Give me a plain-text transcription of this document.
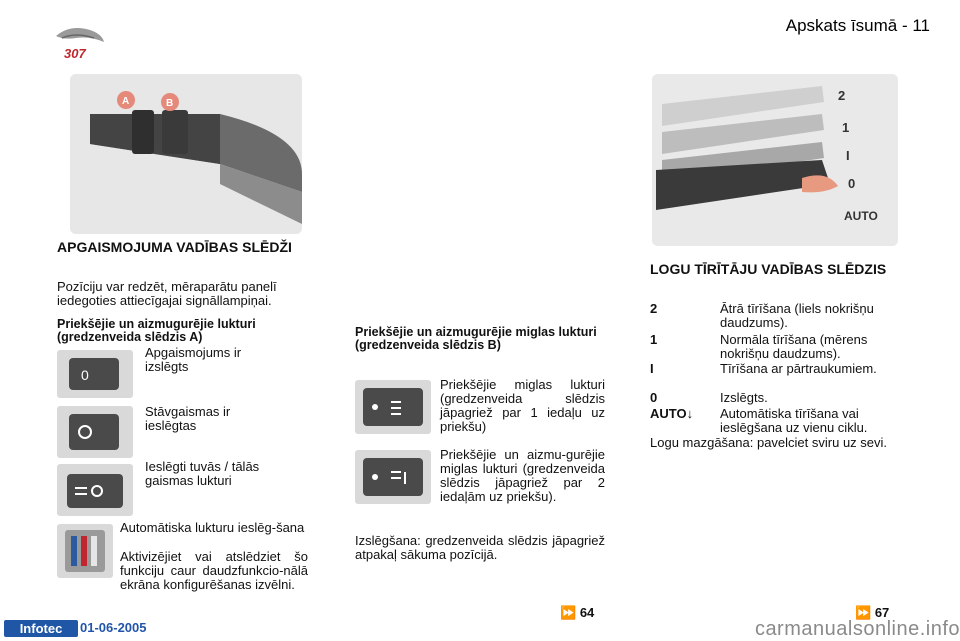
307
Apskats īsumā - 11
A	B
APGAISMOJUMA VADĪBAS SLĒDŽI
Pozīciju var redzēt, mēraparātu panelī iedegoties attiecīgajai signāllampiņai.
Priekšējie un aizmugurējie lukturi (gredzenveida slēdzis A)
0
Apgaismojums ir izslēgts
Stāvgaismas ir ieslēgtas
Ieslēgti tuvās / tālās gaismas lukturi
Automātiska lukturu ieslēg-šana
Aktivizējiet vai atslēdziet šo funkciju caur daudzfunkcio-nālā ekrāna konfigurēšanas izvēlni.
Priekšējie un aizmugurējie miglas lukturi (gredzenveida slēdzis B)
Priekšējie miglas lukturi (gredzenveida slēdzis jāpagriež par 1 iedaļu uz priekšu)
Priekšējie un aizmu-gurējie miglas lukturi (gredzenveida slēdzis jāpagriež par 2 iedaļām uz priekšu).
Izslēgšana: gredzenveida slēdzis jāpagriež atpakaļ sākuma pozīcijā.
⏩ 64
2
1
I
0
AUTO
LOGU TĪRĪTĀJU VADĪBAS SLĒDZIS
2	Ātrā tīrīšana (liels nokrišņu daudzums).
1	Normāla tīrīšana (mērens nokrišņu daudzums).
I	Tīrīšana ar pārtraukumiem.
0	Izslēgts.
AUTO↓ Automātiska tīrīšana vai ieslēgšana uz vienu ciklu.
Logu mazgāšana: pavelciet sviru uz sevi.
⏩ 67
Infotec	01-06-2005	carmanualsonline.info
